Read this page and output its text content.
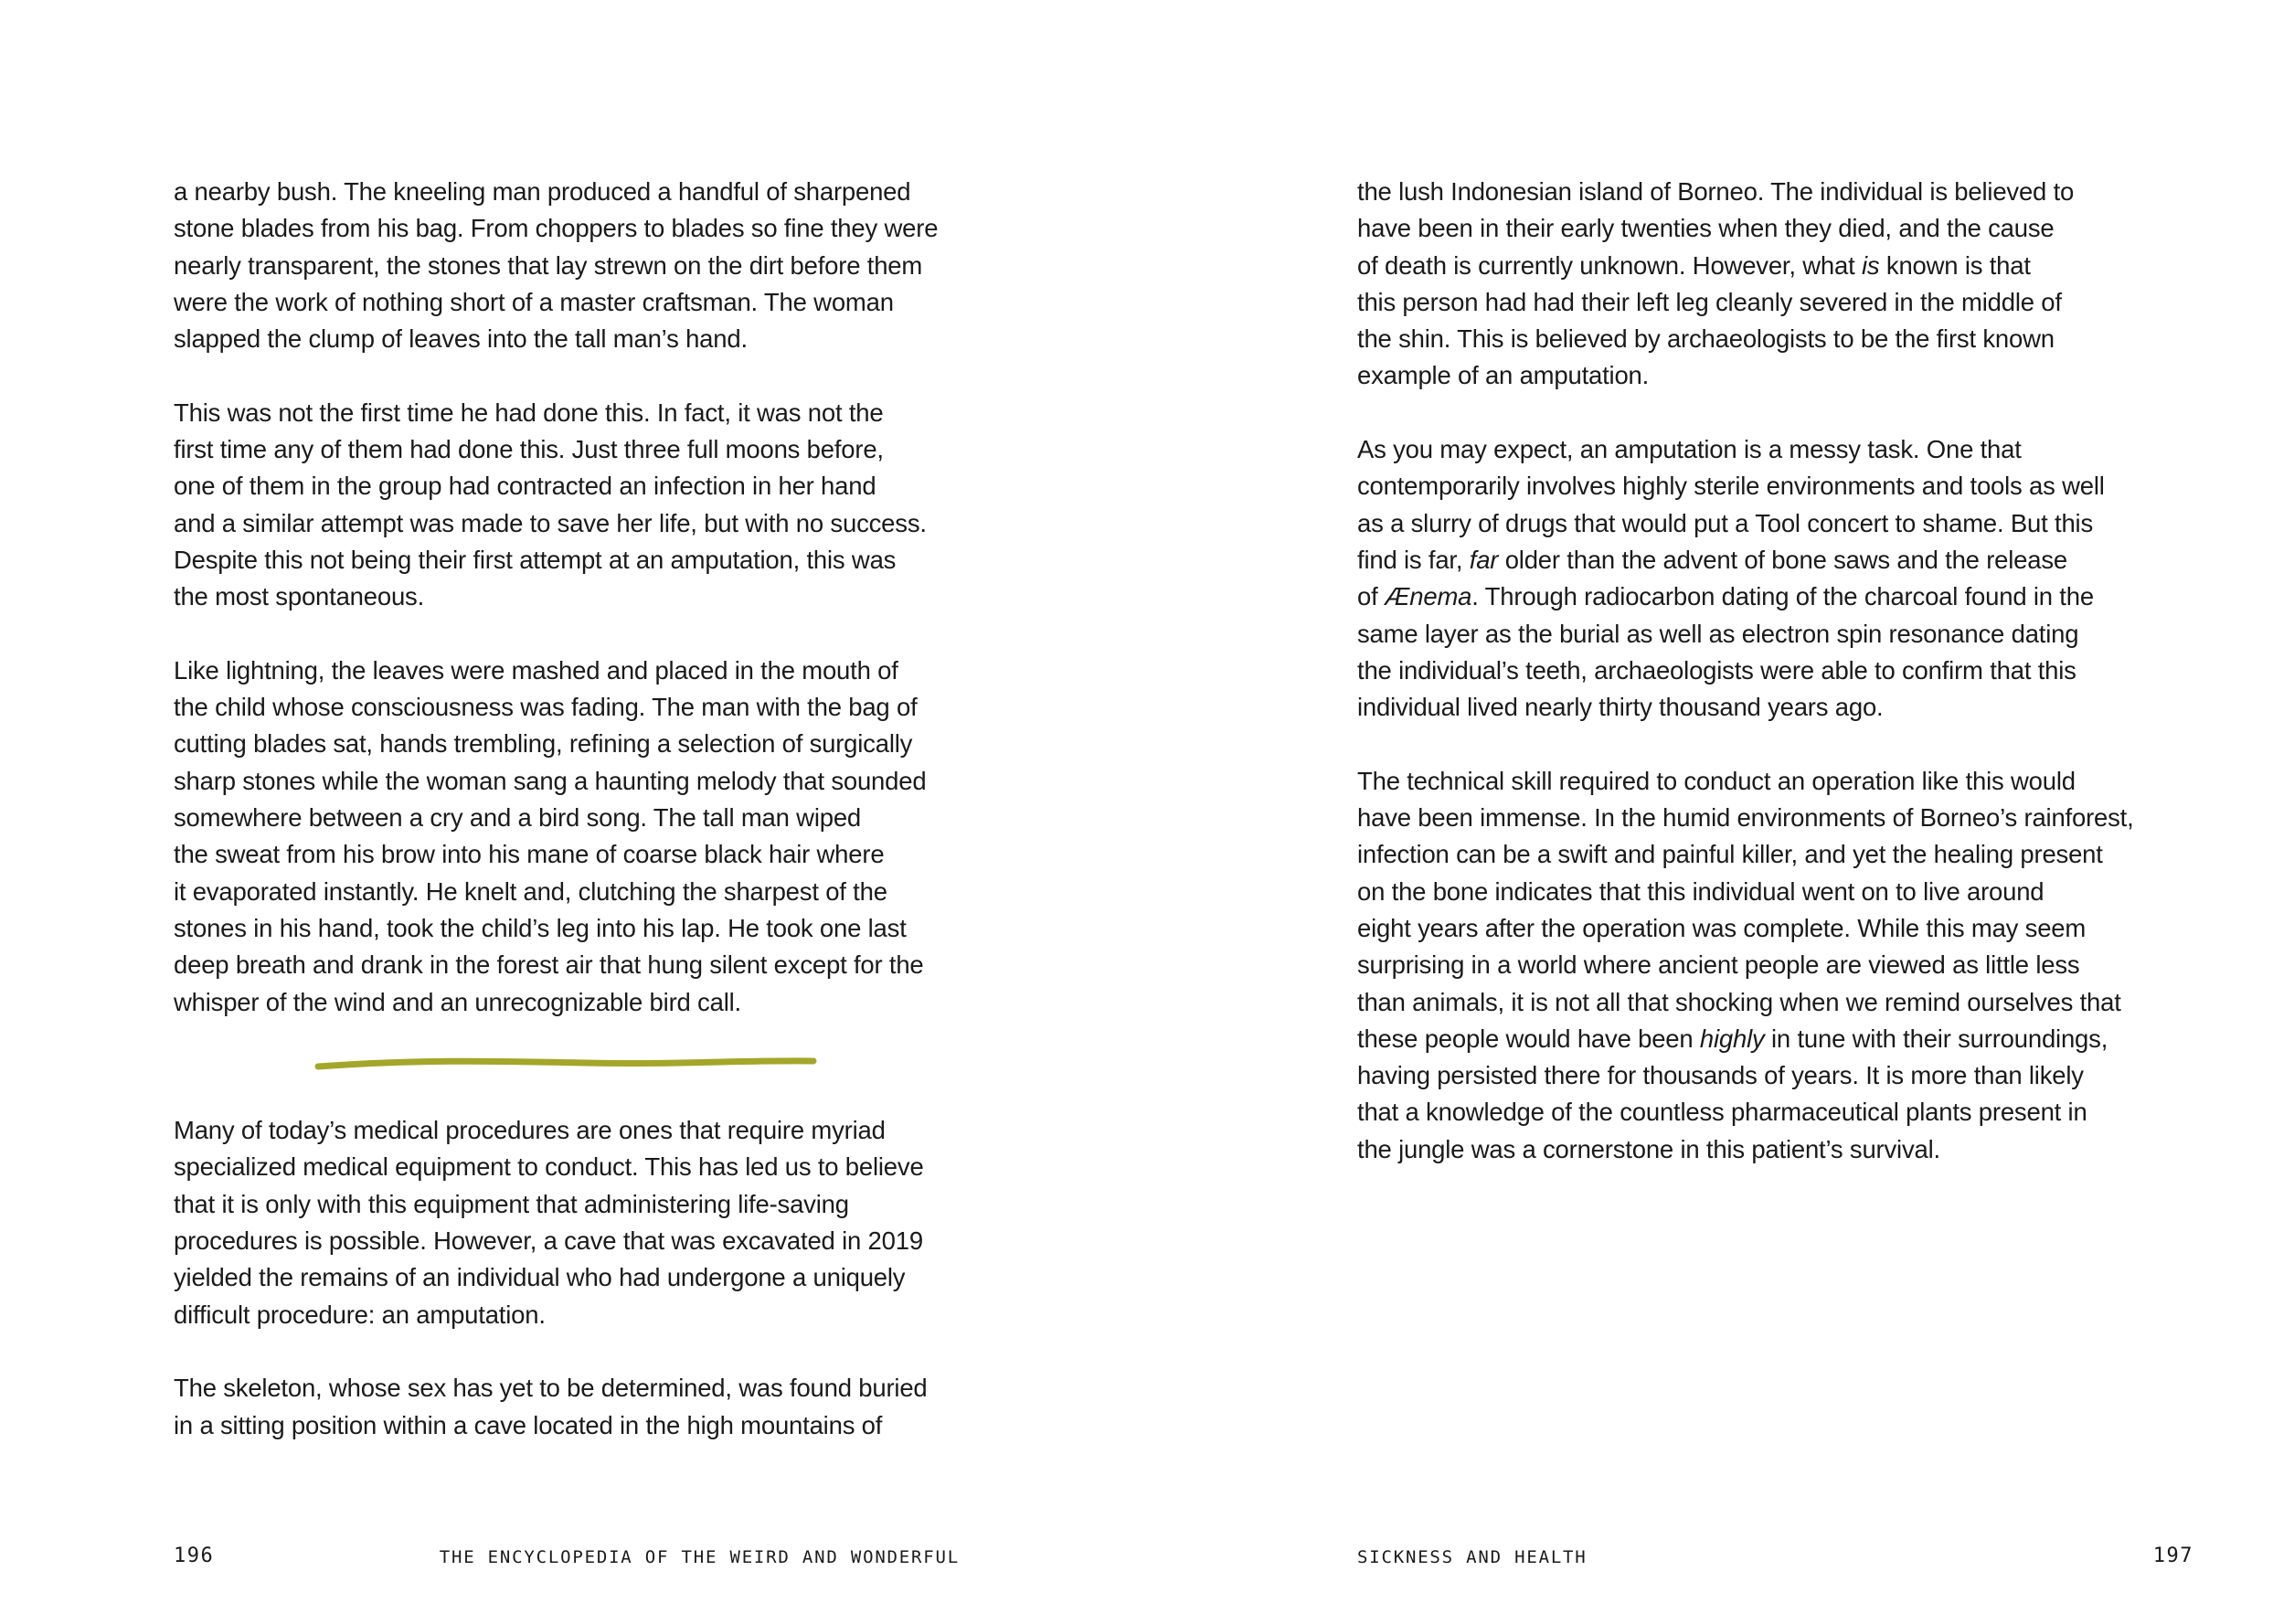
a nearby bush. The kneeling man produced a handful of sharpened
stone blades from his bag. From choppers to blades so fine they were
nearly transparent, the stones that lay strewn on the dirt before them
were the work of nothing short of a master craftsman. The woman
slapped the clump of leaves into the tall man’s hand.

This was not the first time he had done this. In fact, it was not the
first time any of them had done this. Just three full moons before,
one of them in the group had contracted an infection in her hand
and a similar attempt was made to save her life, but with no success.
Despite this not being their first attempt at an amputation, this was
the most spontaneous.

Like lightning, the leaves were mashed and placed in the mouth of
the child whose consciousness was fading. The man with the bag of
cutting blades sat, hands trembling, refining a selection of surgically
sharp stones while the woman sang a haunting melody that sounded
somewhere between a cry and a bird song. The tall man wiped
the sweat from his brow into his mane of coarse black hair where
it evaporated instantly. He knelt and, clutching the sharpest of the
stones in his hand, took the child’s leg into his lap. He took one last
deep breath and drank in the forest air that hung silent except for the
whisper of the wind and an unrecognizable bird call.

Many of today’s medical procedures are ones that require myriad
specialized medical equipment to conduct. This has led us to believe
that it is only with this equipment that administering life-saving
procedures is possible. However, a cave that was excavated in 2019
yielded the remains of an individual who had undergone a uniquely
difficult procedure: an amputation.

The skeleton, whose sex has yet to be determined, was found buried
in a sitting position within a cave located in the high mountains of

196	THE ENCYCLOPEDIA OF THE WEIRD AND WONDERFUL

the lush Indonesian island of Borneo. The individual is believed to
have been in their early twenties when they died, and the cause
of death is currently unknown. However, what is known is that
this person had had their left leg cleanly severed in the middle of
the shin. This is believed by archaeologists to be the first known
example of an amputation.

As you may expect, an amputation is a messy task. One that
contemporarily involves highly sterile environments and tools as well
as a slurry of drugs that would put a Tool concert to shame. But this
find is far, far older than the advent of bone saws and the release
of Ænema. Through radiocarbon dating of the charcoal found in the
same layer as the burial as well as electron spin resonance dating
the individual’s teeth, archaeologists were able to confirm that this
individual lived nearly thirty thousand years ago.

The technical skill required to conduct an operation like this would
have been immense. In the humid environments of Borneo’s rainforest,
infection can be a swift and painful killer, and yet the healing present
on the bone indicates that this individual went on to live around
eight years after the operation was complete. While this may seem
surprising in a world where ancient people are viewed as little less
than animals, it is not all that shocking when we remind ourselves that
these people would have been highly in tune with their surroundings,
having persisted there for thousands of years. It is more than likely
that a knowledge of the countless pharmaceutical plants present in
the jungle was a cornerstone in this patient’s survival.

SICKNESS AND HEALTH	197
